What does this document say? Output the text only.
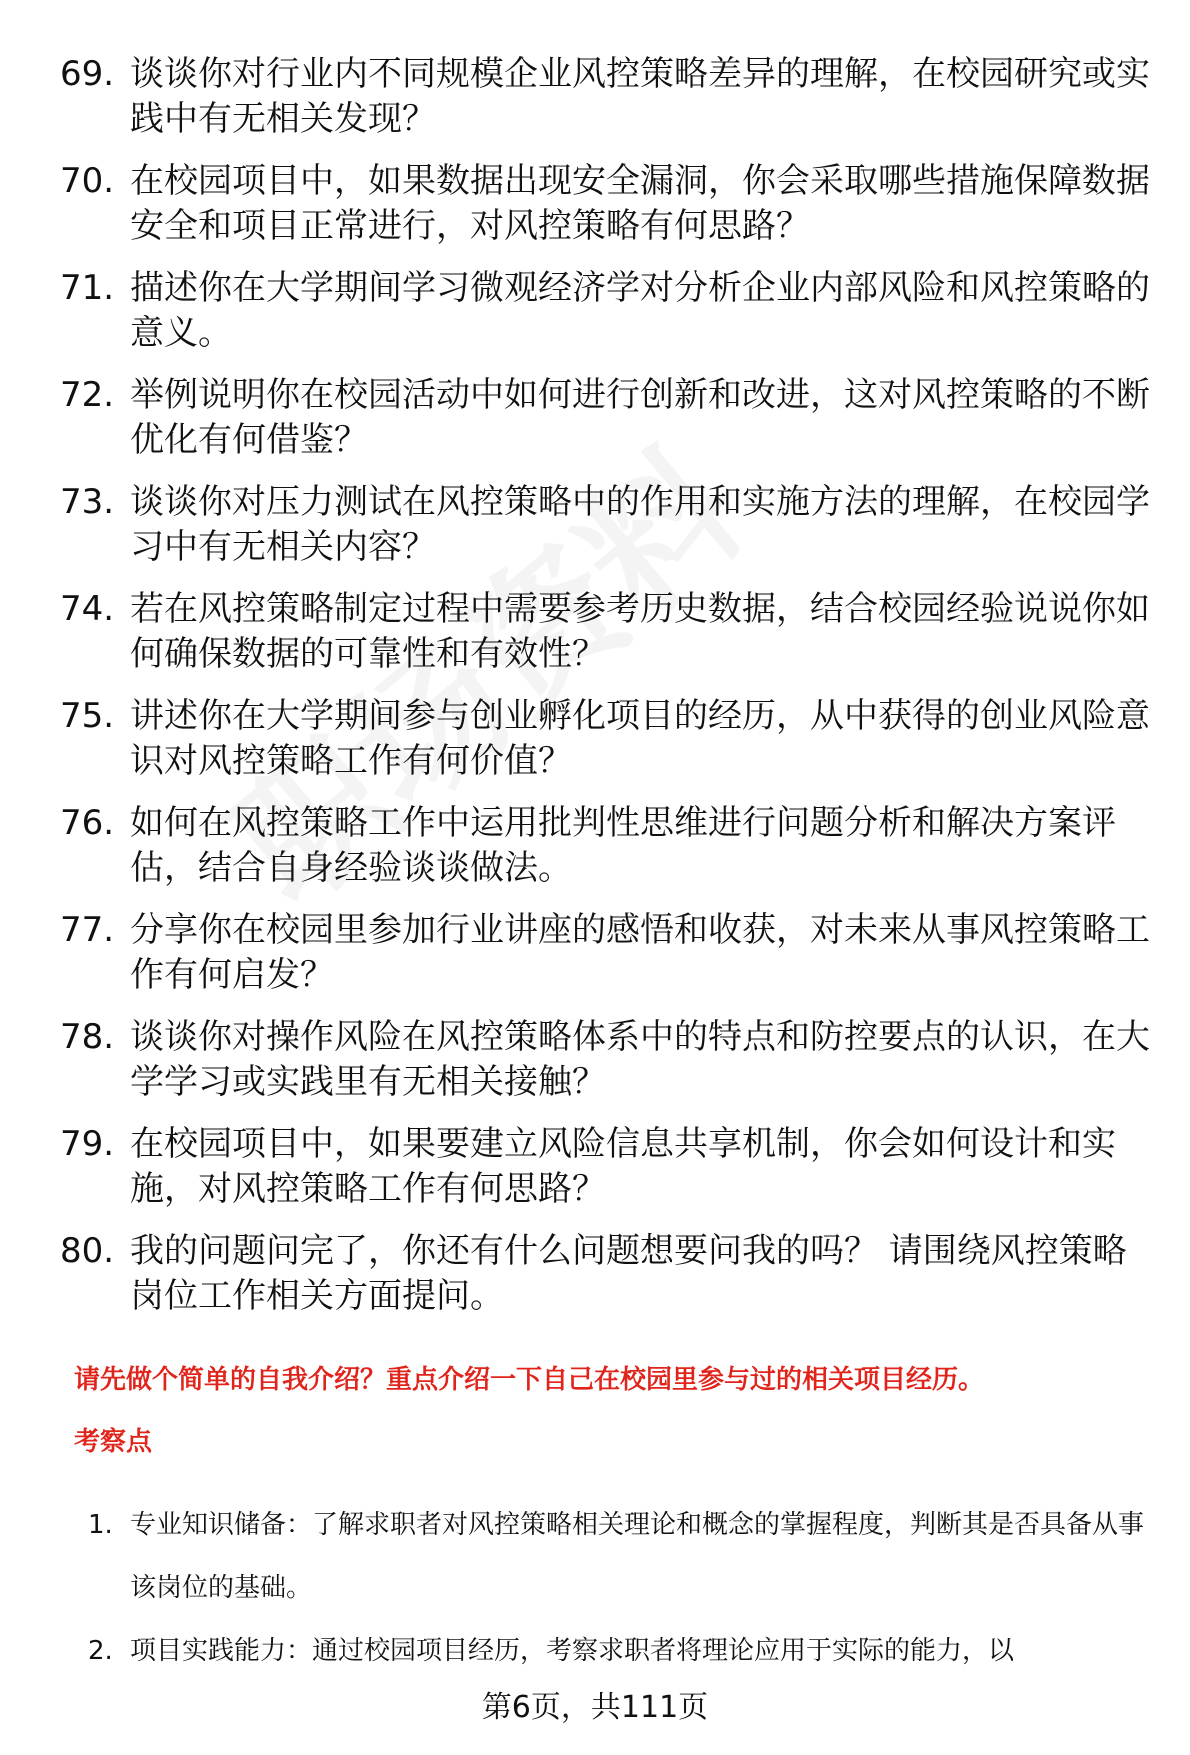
69. 谈谈你对行业内不同规模企业风控策略差异的理解，在校园研究或实践中有无相关发现？
70. 在校园项目中，如果数据出现安全漏洞，你会采取哪些措施保障数据安全和项目正常进行，对风控策略有何思路？
71. 描述你在大学期间学习微观经济学对分析企业内部风险和风控策略的意义。
72. 举例说明你在校园活动中如何进行创新和改进，这对风控策略的不断优化有何借鉴？
73. 谈谈你对压力测试在风控策略中的作用和实施方法的理解，在校园学习中有无相关内容？
74. 若在风控策略制定过程中需要参考历史数据，结合校园经验说说你如何确保数据的可靠性和有效性？
75. 讲述你在大学期间参与创业孵化项目的经历，从中获得的创业风险意识对风控策略工作有何价值？
76. 如何在风控策略工作中运用批判性思维进行问题分析和解决方案评估，结合自身经验谈谈做法。
77. 分享你在校园里参加行业讲座的感悟和收获，对未来从事风控策略工作有何启发？
78. 谈谈你对操作风险在风控策略体系中的特点和防控要点的认识，在大学学习或实践里有无相关接触？
79. 在校园项目中，如果要建立风险信息共享机制，你会如何设计和实施，对风控策略工作有何思路？
80. 我的问题问完了，你还有什么问题想要问我的吗？ 请围绕风控策略岗位工作相关方面提问。
请先做个简单的自我介绍？重点介绍一下自己在校园里参与过的相关项目经历。
考察点
1. 专业知识储备：了解求职者对风控策略相关理论和概念的掌握程度，判断其是否具备从事该岗位的基础。
2. 项目实践能力：通过校园项目经历，考察求职者将理论应用于实际的能力，以
第6页，共111页
